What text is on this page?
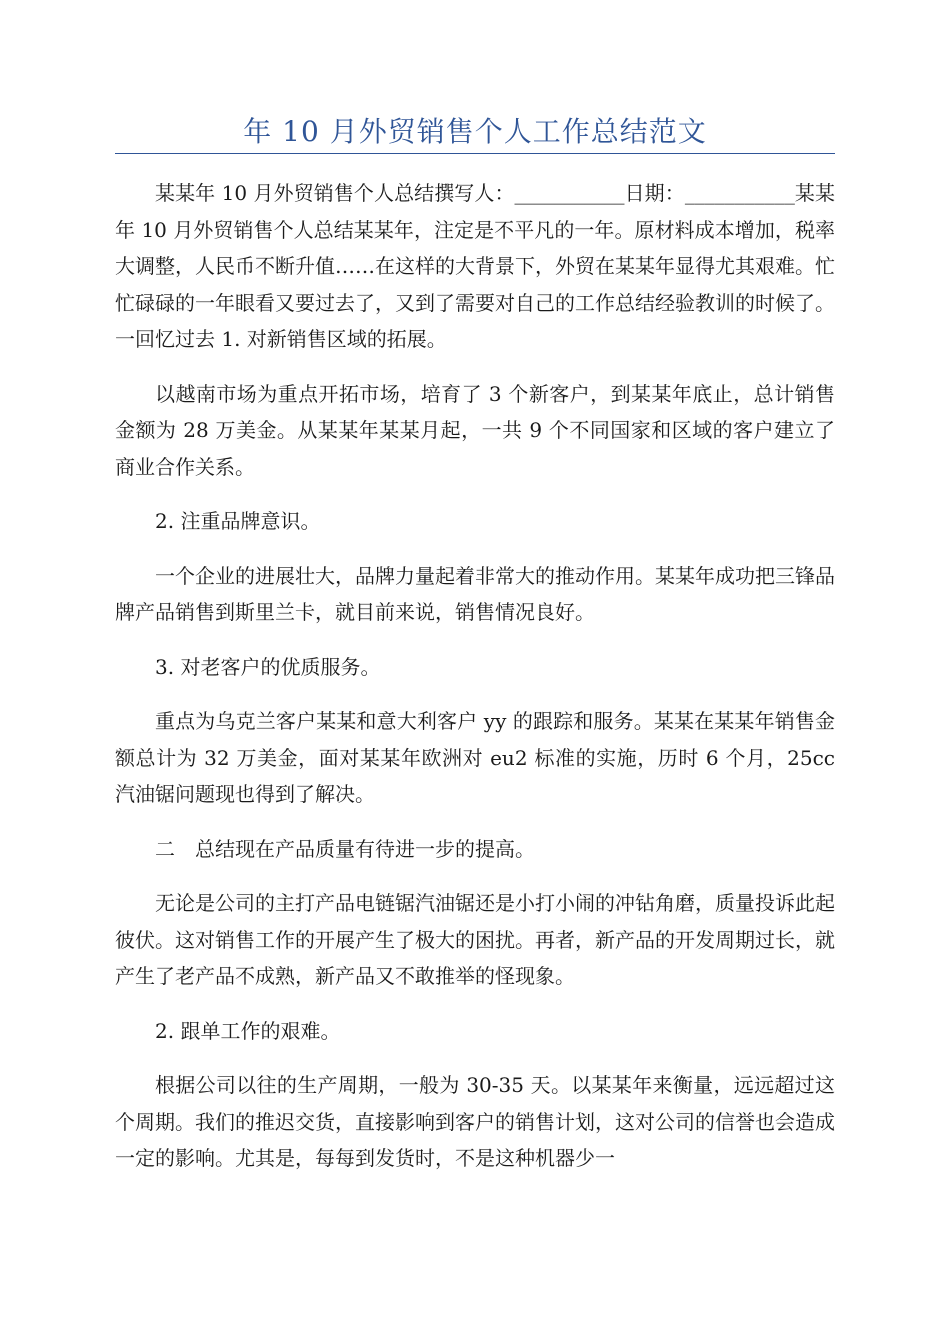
年 10 月外贸销售个人工作总结范文

某某年 10 月外贸销售个人总结撰写人：___________日期：___________某某年 10 月外贸销售个人总结某某年，注定是不平凡的一年。原材料成本增加，税率大调整，人民币不断升值……在这样的大背景下，外贸在某某年显得尤其艰难。忙忙碌碌的一年眼看又要过去了，又到了需要对自己的工作总结经验教训的时候了。一回忆过去 1. 对新销售区域的拓展。

以越南市场为重点开拓市场，培育了 3 个新客户，到某某年底止，总计销售金额为 28 万美金。从某某年某某月起，一共 9 个不同国家和区域的客户建立了商业合作关系。

2. 注重品牌意识。

一个企业的进展壮大，品牌力量起着非常大的推动作用。某某年成功把三锋品牌产品销售到斯里兰卡，就目前来说，销售情况良好。

3. 对老客户的优质服务。

重点为乌克兰客户某某和意大利客户 yy 的跟踪和服务。某某在某某年销售金额总计为 32 万美金，面对某某年欧洲对 eu2 标准的实施，历时 6 个月，25cc 汽油锯问题现也得到了解决。

二　总结现在产品质量有待进一步的提高。

无论是公司的主打产品电链锯汽油锯还是小打小闹的冲钻角磨，质量投诉此起彼伏。这对销售工作的开展产生了极大的困扰。再者，新产品的开发周期过长，就产生了老产品不成熟，新产品又不敢推举的怪现象。

2. 跟单工作的艰难。

根据公司以往的生产周期，一般为 30-35 天。以某某年来衡量，远远超过这个周期。我们的推迟交货，直接影响到客户的销售计划，这对公司的信誉也会造成一定的影响。尤其是，每每到发货时，不是这种机器少一
